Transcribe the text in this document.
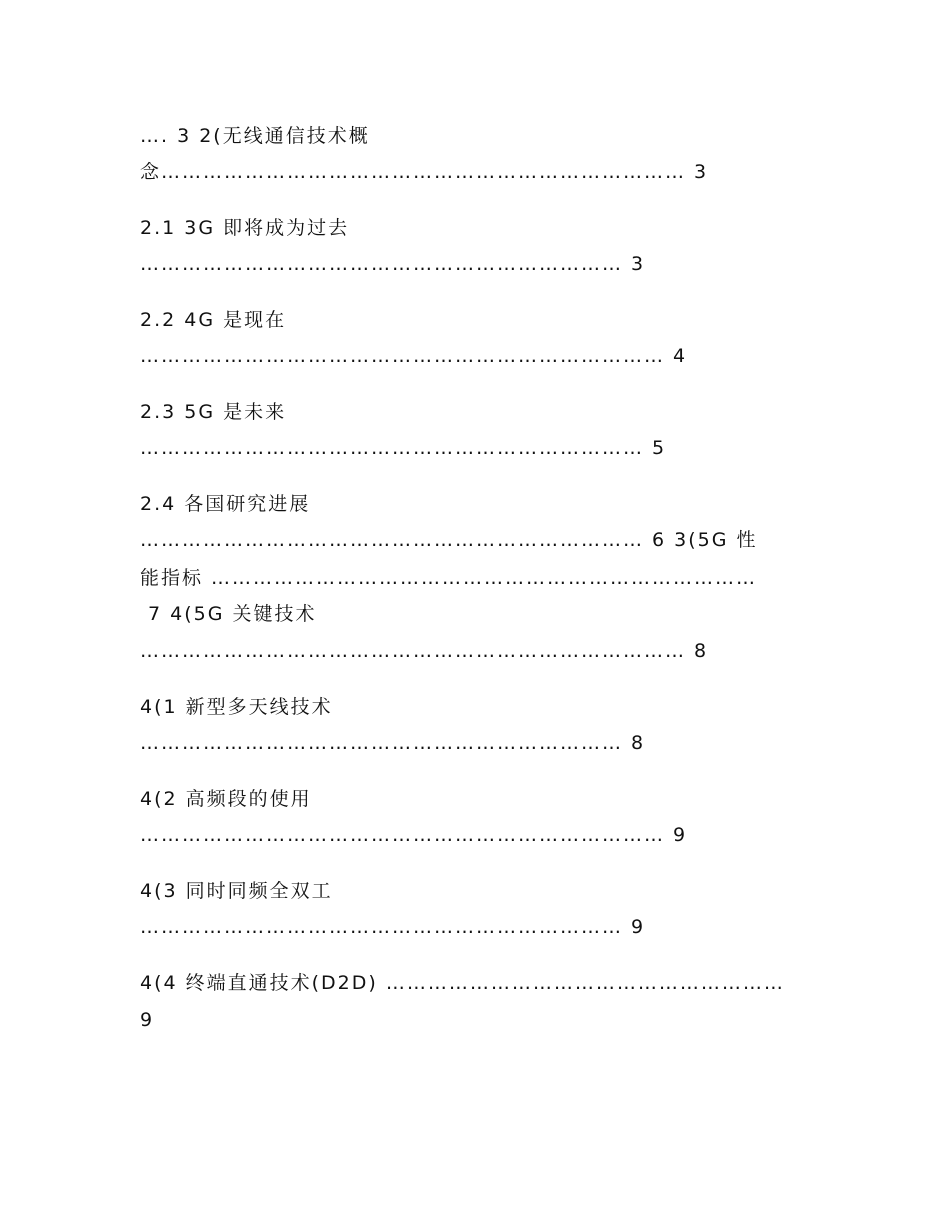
…. 3 2(无线通信技术概
念………………………………………………………………… 3
2.1 3G 即将成为过去
…………………………………………………………… 3
2.2 4G 是现在
………………………………………………………………… 4
2.3 5G 是未来
……………………………………………………………… 5
2.4 各国研究进展
……………………………………………………………… 6 3(5G 性
能指标 ……………………………………………………………………
7 4(5G 关键技术
…………………………………………………………………… 8
4(1 新型多天线技术
…………………………………………………………… 8
4(2 高频段的使用
………………………………………………………………… 9
4(3 同时同频全双工
…………………………………………………………… 9
4(4 终端直通技术(D2D) …………………………………………………
9
